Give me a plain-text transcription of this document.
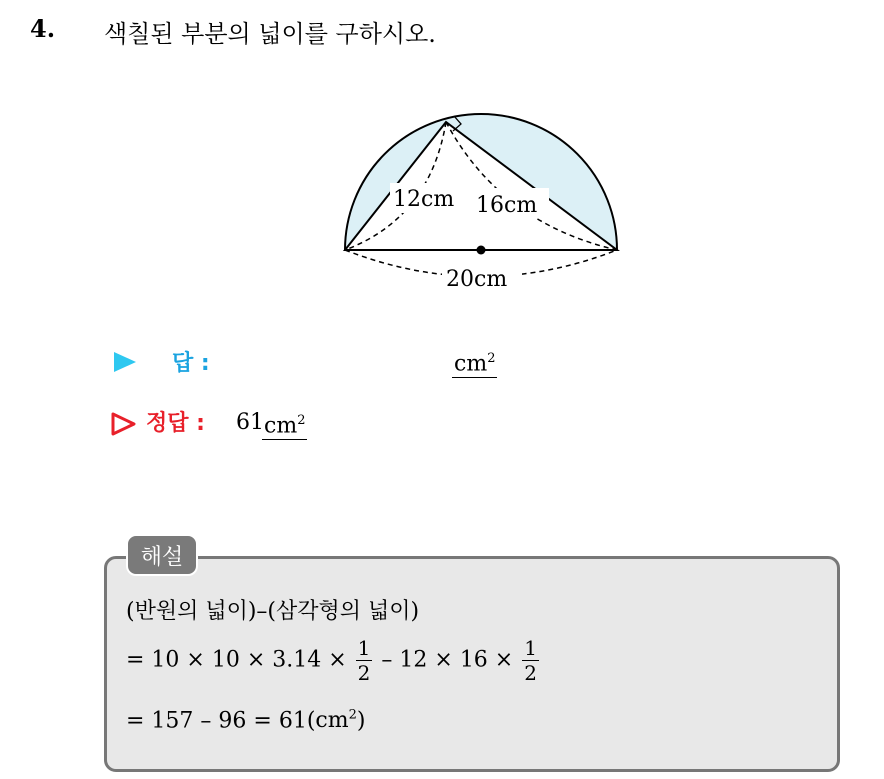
4. 색칠된 부분의 넓이를 구하시오.
12cm 16cm
20cm
답 :	$cm^2$
정답 : 61 $cm^2$
해설
(반원의 넓이)–(삼각형의 넓이)
= $10 \times 10 \times 3.14 \times \frac{1}{2} - 12 \times 16 \times \frac{1}{2}$
= $157 - 96 = 61(cm^2)$
